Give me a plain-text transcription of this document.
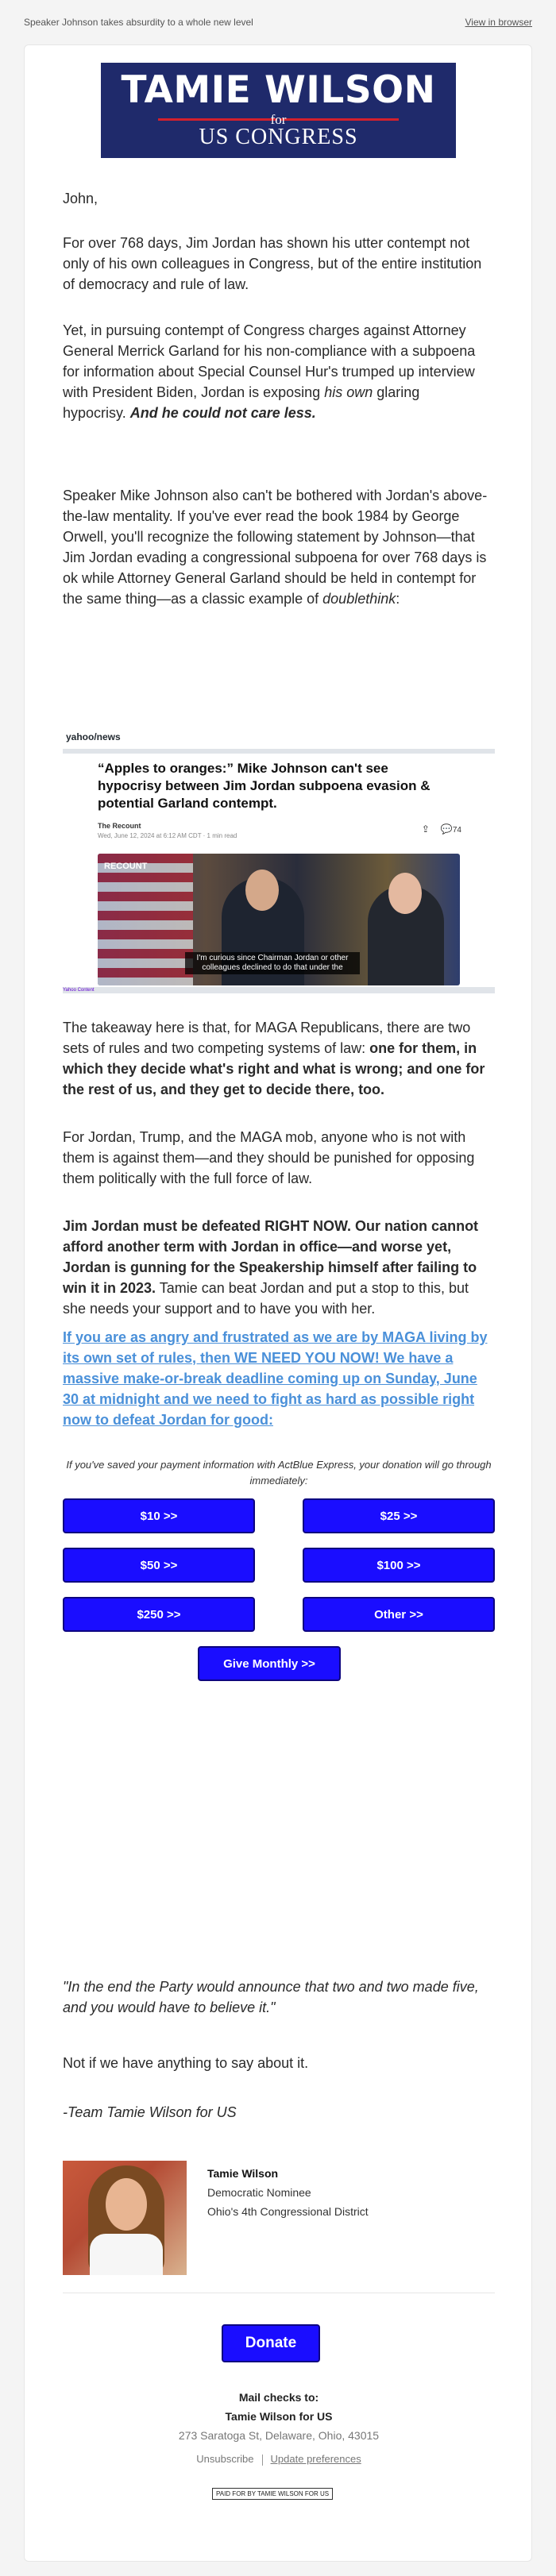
Speaker Johnson takes absurdity to a whole new level	View in browser
TAMIE WILSON
for
US CONGRESS
John,
For over 768 days, Jim Jordan has shown his utter contempt not only of his own colleagues in Congress, but of the entire institution of democracy and rule of law.
Yet, in pursuing contempt of Congress charges against Attorney General Merrick Garland for his non-compliance with a subpoena for information about Special Counsel Hur's trumped up interview with President Biden, Jordan is exposing his own glaring hypocrisy. And he could not care less.
Speaker Mike Johnson also can't be bothered with Jordan's above-the-law mentality. If you've ever read the book 1984 by George Orwell, you'll recognize the following statement by Johnson—that Jim Jordan evading a congressional subpoena for over 768 days is ok while Attorney General Garland should be held in contempt for the same thing—as a classic example of doublethink:
yahoo/news
“Apples to oranges:” Mike Johnson can't see hypocrisy between Jim Jordan subpoena evasion & potential Garland contempt.
The Recount
Wed, June 12, 2024 at 6:12 AM CDT · 1 min read
⇪ 💬74
RECOUNT
I'm curious since Chairman Jordan or other colleagues declined to do that under the
Yahoo Content
The takeaway here is that, for MAGA Republicans, there are two sets of rules and two competing systems of law: one for them, in which they decide what's right and what is wrong; and one for the rest of us, and they get to decide there, too.
For Jordan, Trump, and the MAGA mob, anyone who is not with them is against them—and they should be punished for opposing them politically with the full force of law.
Jim Jordan must be defeated RIGHT NOW. Our nation cannot afford another term with Jordan in office—and worse yet, Jordan is gunning for the Speakership himself after failing to win it in 2023. Tamie can beat Jordan and put a stop to this, but she needs your support and to have you with her.
If you are as angry and frustrated as we are by MAGA living by its own set of rules, then WE NEED YOU NOW! We have a massive make-or-break deadline coming up on Sunday, June 30 at midnight and we need to fight as hard as possible right now to defeat Jordan for good:
If you've saved your payment information with ActBlue Express, your donation will go through immediately:
$10 >>	$25 >>
$50 >>	$100 >>
$250 >>	Other >>
Give Monthly >>
"In the end the Party would announce that two and two made five, and you would have to believe it."
Not if we have anything to say about it.
-Team Tamie Wilson for US
Tamie Wilson
Democratic Nominee
Ohio's 4th Congressional District
Donate
Mail checks to:
Tamie Wilson for US
273 Saratoga St, Delaware, Ohio, 43015
Unsubscribe Update preferences
PAID FOR BY TAMIE WILSON FOR US
